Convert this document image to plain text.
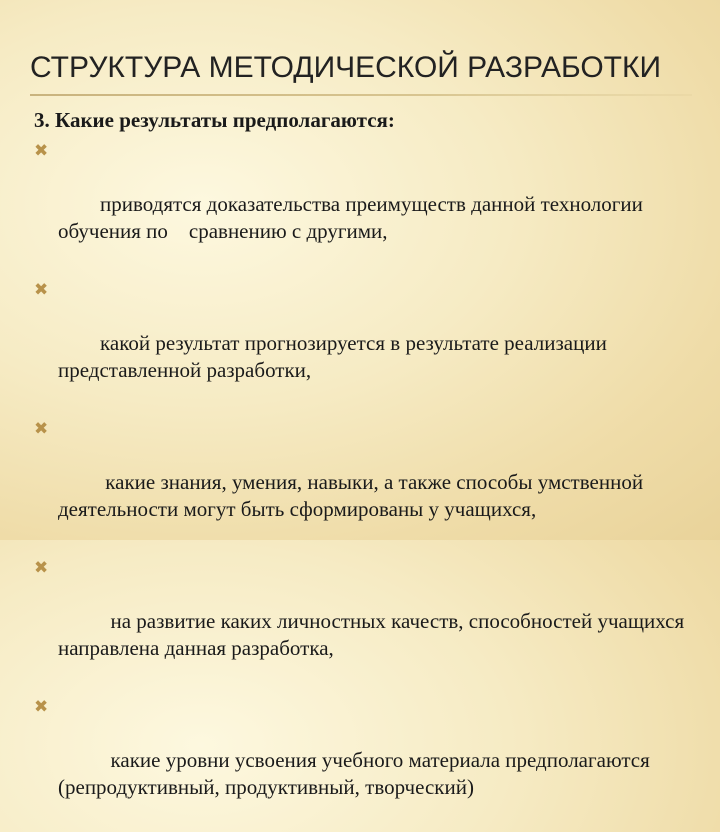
СТРУКТУРА МЕТОДИЧЕСКОЙ РАЗРАБОТКИ
3. Какие результаты предполагаются:

✖

приводятся доказательства преимуществ данной технологии обучения по    сравнению с другими,

✖

какой результат прогнозируется в результате реализации представленной разработки,

✖

какие знания, умения, навыки, а также способы умственной деятельности могут быть сформированы у учащихся,

✖

на развитие каких личностных качеств, способностей учащихся направлена данная разработка,

✖

какие уровни усвоения учебного материала предполагаются (репродуктивный, продуктивный, творческий)
